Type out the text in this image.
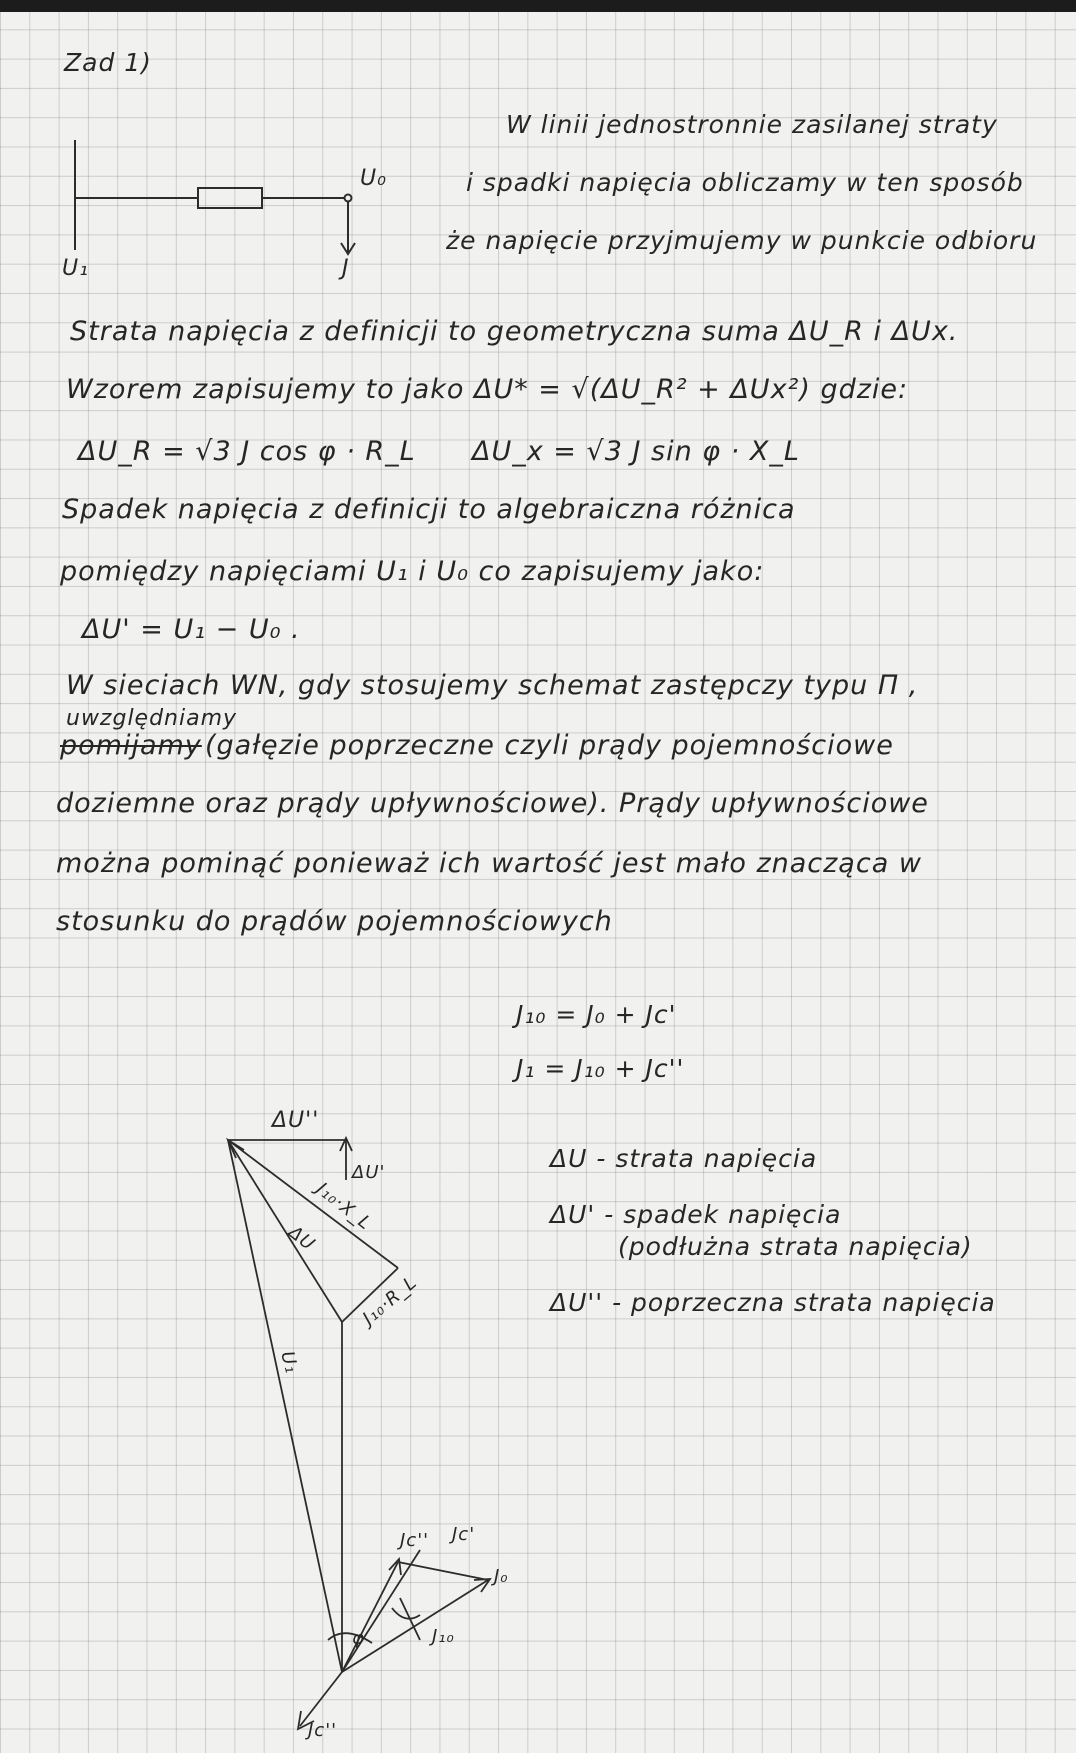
Zad 1)
U₁
U₀
J
W linii jednostronnie zasilanej straty
i spadki napięcia obliczamy w ten sposób
że napięcie przyjmujemy w punkcie odbioru
Strata napięcia z definicji to geometryczna suma ΔU_R i ΔUx.
Wzorem zapisujemy to jako ΔU* = √(ΔU_R² + ΔUx²) gdzie:
ΔU_R = √3 J cos φ · R_L ΔU_x = √3 J sin φ · X_L
Spadek napięcia z definicji to algebraiczna różnica
pomiędzy napięciami U₁ i U₀ co zapisujemy jako:
ΔU' = U₁ − U₀ .
W sieciach WN, gdy stosujemy schemat zastępczy typu Π ,
uwzględniamy
pomijamy (gałęzie poprzeczne czyli prądy pojemnościowe
doziemne oraz prądy upływnościowe). Prądy upływnościowe
można pominąć ponieważ ich wartość jest mało znacząca w
stosunku do prądów pojemnościowych
J₁₀ = J₀ + Jc'
J₁ = J₁₀ + Jc''
ΔU''
ΔU'
J₁₀·X_L
ΔU
J₁₀·R_L
U₁
Jc'' Jc'
J₀
φ	J₁₀
Jc''
ΔU - strata napięcia
ΔU' - spadek napięcia
(podłużna strata napięcia)
ΔU'' - poprzeczna strata napięcia
